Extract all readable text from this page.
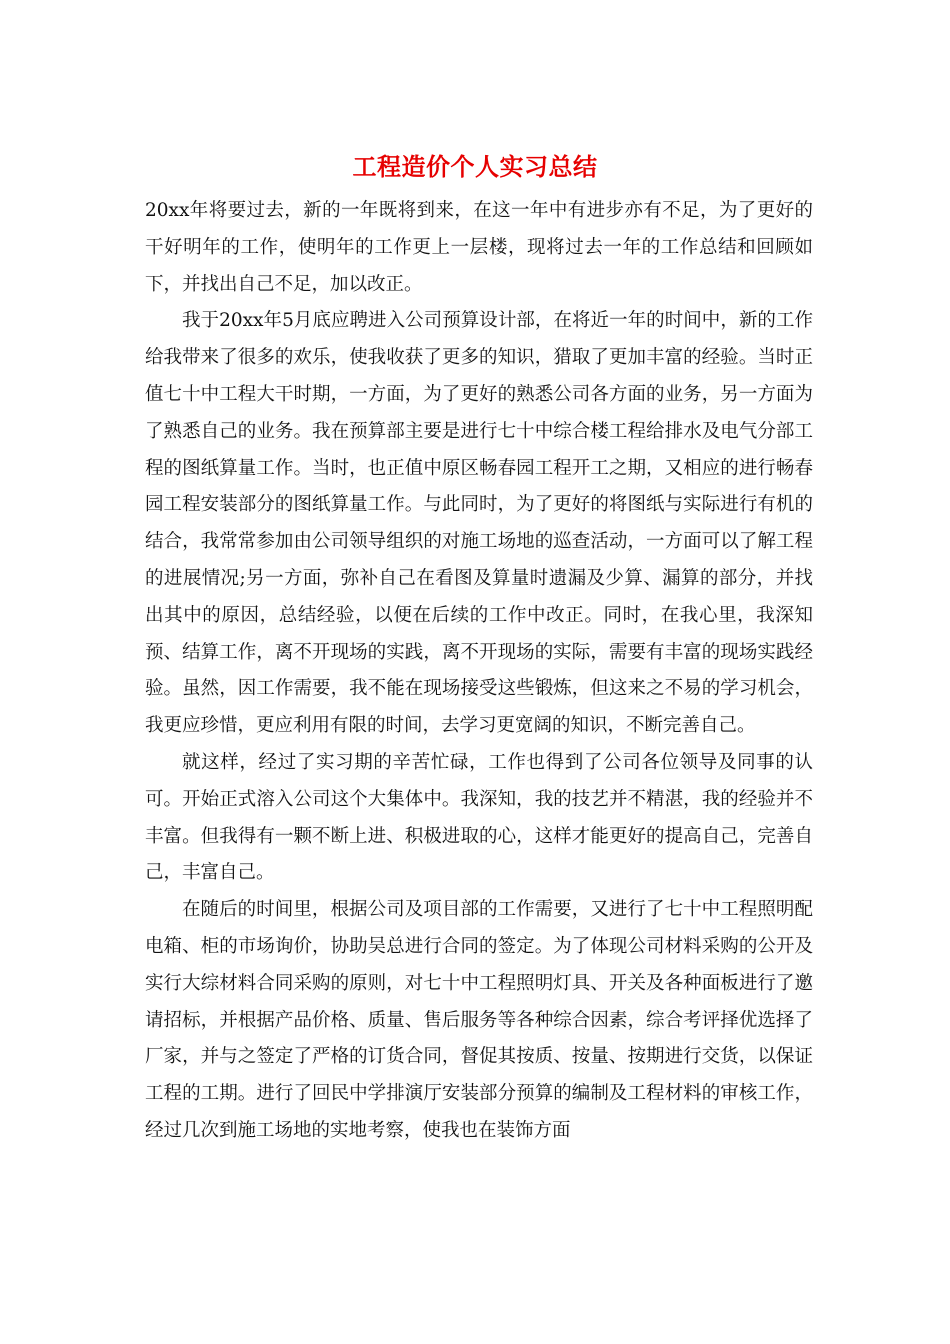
工程造价个人实习总结

20xx年将要过去，新的一年既将到来，在这一年中有进步亦有不足，为了更好的干好明年的工作，使明年的工作更上一层楼，现将过去一年的工作总结和回顾如下，并找出自己不足，加以改正。

我于20xx年5月底应聘进入公司预算设计部，在将近一年的时间中，新的工作给我带来了很多的欢乐，使我收获了更多的知识，猎取了更加丰富的经验。当时正值七十中工程大干时期，一方面，为了更好的熟悉公司各方面的业务，另一方面为了熟悉自己的业务。我在预算部主要是进行七十中综合楼工程给排水及电气分部工程的图纸算量工作。当时，也正值中原区畅春园工程开工之期，又相应的进行畅春园工程安装部分的图纸算量工作。与此同时，为了更好的将图纸与实际进行有机的结合，我常常参加由公司领导组织的对施工场地的巡查活动，一方面可以了解工程的进展情况;另一方面，弥补自己在看图及算量时遗漏及少算、漏算的部分，并找出其中的原因，总结经验，以便在后续的工作中改正。同时，在我心里，我深知预、结算工作，离不开现场的实践，离不开现场的实际，需要有丰富的现场实践经验。虽然，因工作需要，我不能在现场接受这些锻炼，但这来之不易的学习机会，我更应珍惜，更应利用有限的时间，去学习更宽阔的知识，不断完善自己。

就这样，经过了实习期的辛苦忙碌，工作也得到了公司各位领导及同事的认可。开始正式溶入公司这个大集体中。我深知，我的技艺并不精湛，我的经验并不丰富。但我得有一颗不断上进、积极进取的心，这样才能更好的提高自己，完善自己，丰富自己。

在随后的时间里，根据公司及项目部的工作需要，又进行了七十中工程照明配电箱、柜的市场询价，协助吴总进行合同的签定。为了体现公司材料采购的公开及实行大综材料合同采购的原则，对七十中工程照明灯具、开关及各种面板进行了邀请招标，并根据产品价格、质量、售后服务等各种综合因素，综合考评择优选择了厂家，并与之签定了严格的订货合同，督促其按质、按量、按期进行交货，以保证工程的工期。进行了回民中学排演厅安装部分预算的编制及工程材料的审核工作，经过几次到施工场地的实地考察，使我也在装饰方面
